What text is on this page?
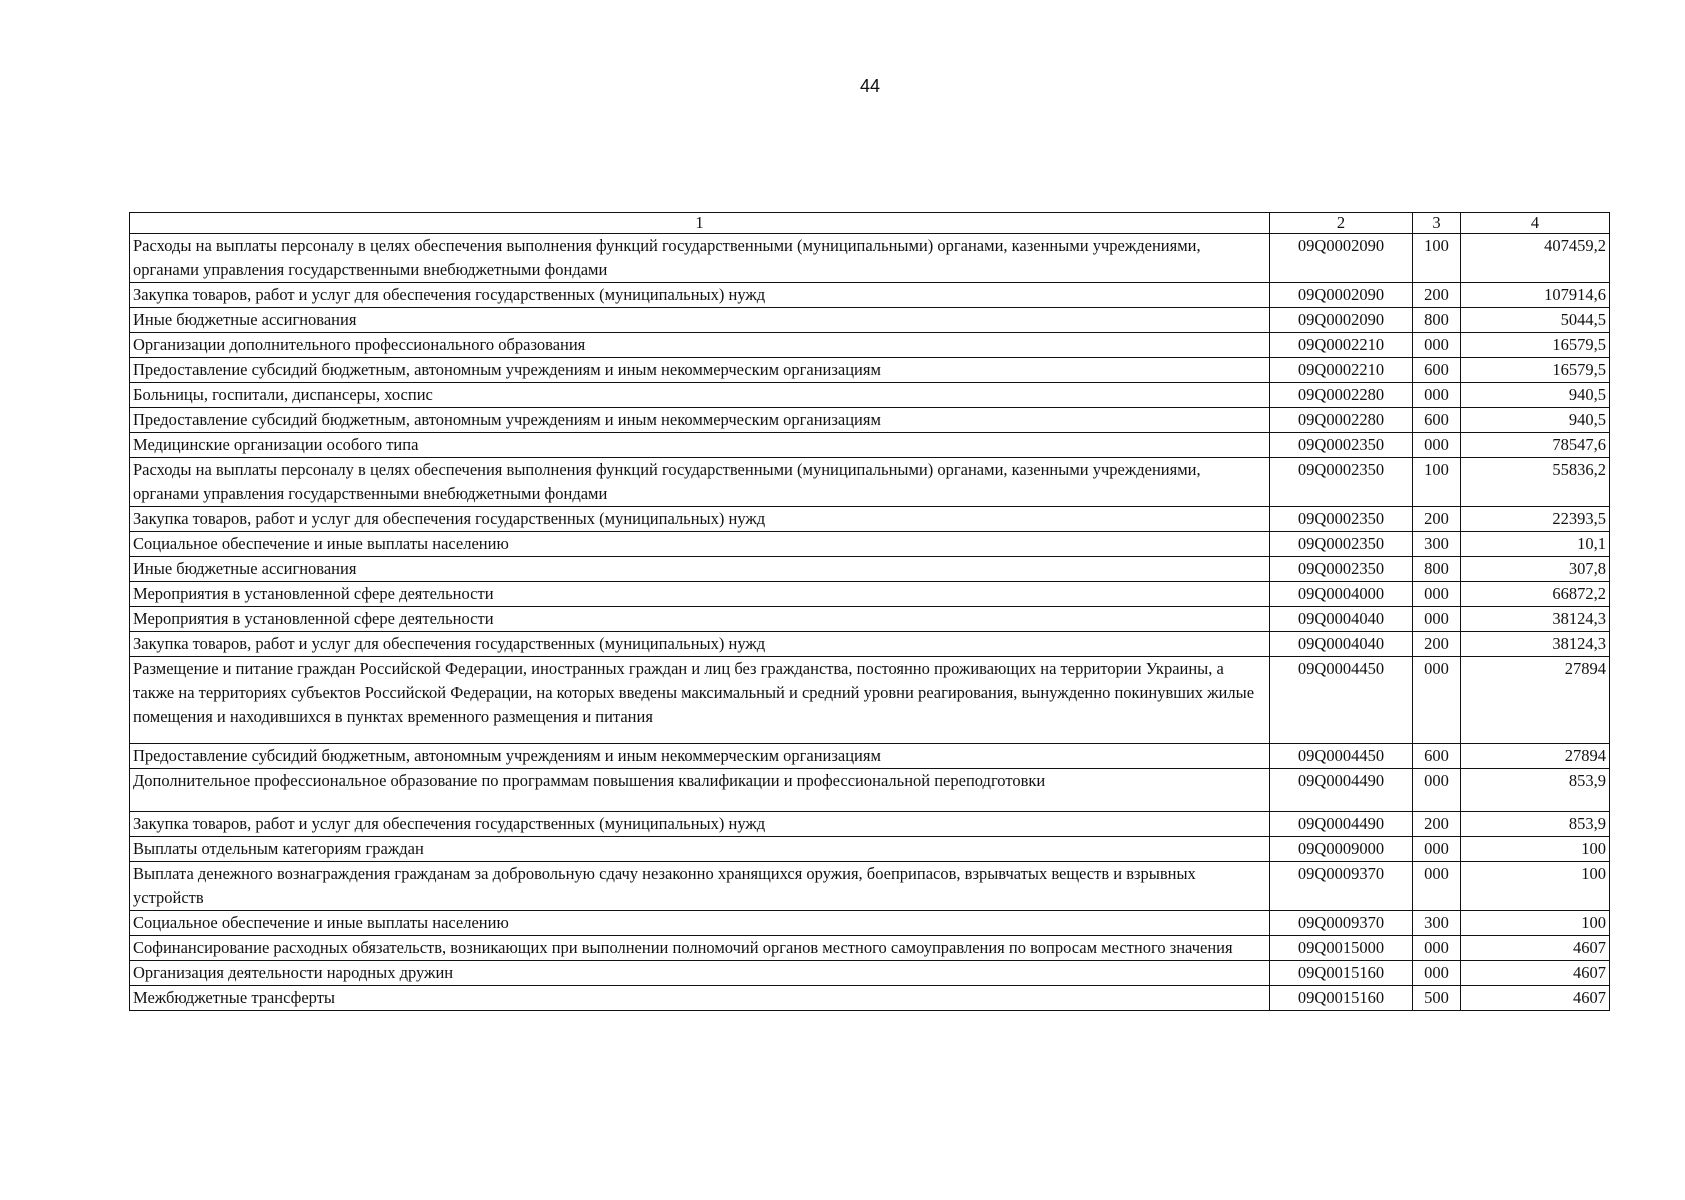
44
1	2	3	4
Расходы на выплаты персоналу в целях обеспечения выполнения функций государственными (муниципальными) органами, казенными учреждениями, органами управления государственными внебюджетными фондами	09Q0002090	100	407459,2
Закупка товаров, работ и услуг для обеспечения государственных (муниципальных) нужд	09Q0002090	200	107914,6
Иные бюджетные ассигнования	09Q0002090	800	5044,5
Организации дополнительного профессионального образования	09Q0002210	000	16579,5
Предоставление субсидий бюджетным, автономным учреждениям и иным некоммерческим организациям	09Q0002210	600	16579,5
Больницы, госпитали, диспансеры, хоспис	09Q0002280	000	940,5
Предоставление субсидий бюджетным, автономным учреждениям и иным некоммерческим организациям	09Q0002280	600	940,5
Медицинские организации особого типа	09Q0002350	000	78547,6
Расходы на выплаты персоналу в целях обеспечения выполнения функций государственными (муниципальными) органами, казенными учреждениями, органами управления государственными внебюджетными фондами	09Q0002350	100	55836,2
Закупка товаров, работ и услуг для обеспечения государственных (муниципальных) нужд	09Q0002350	200	22393,5
Социальное обеспечение и иные выплаты населению	09Q0002350	300	10,1
Иные бюджетные ассигнования	09Q0002350	800	307,8
Мероприятия в установленной сфере деятельности	09Q0004000	000	66872,2
Мероприятия в установленной сфере деятельности	09Q0004040	000	38124,3
Закупка товаров, работ и услуг для обеспечения государственных (муниципальных) нужд	09Q0004040	200	38124,3
Размещение и питание граждан Российской Федерации, иностранных граждан и лиц без гражданства, постоянно проживающих на территории Украины, а также на территориях субъектов Российской Федерации, на которых введены максимальный и средний уровни реагирования, вынужденно покинувших жилые помещения и находившихся в пунктах временного размещения и питания	09Q0004450	000	27894
Предоставление субсидий бюджетным, автономным учреждениям и иным некоммерческим организациям	09Q0004450	600	27894
Дополнительное профессиональное образование по программам повышения квалификации и профессиональной переподготовки	09Q0004490	000	853,9
Закупка товаров, работ и услуг для обеспечения государственных (муниципальных) нужд	09Q0004490	200	853,9
Выплаты отдельным категориям граждан	09Q0009000	000	100
Выплата денежного вознаграждения гражданам за добровольную сдачу незаконно хранящихся оружия, боеприпасов, взрывчатых веществ и взрывных устройств	09Q0009370	000	100
Социальное обеспечение и иные выплаты населению	09Q0009370	300	100
Софинансирование расходных обязательств, возникающих при выполнении полномочий органов местного самоуправления по вопросам местного значения	09Q0015000	000	4607
Организация деятельности народных дружин	09Q0015160	000	4607
Межбюджетные трансферты	09Q0015160	500	4607
